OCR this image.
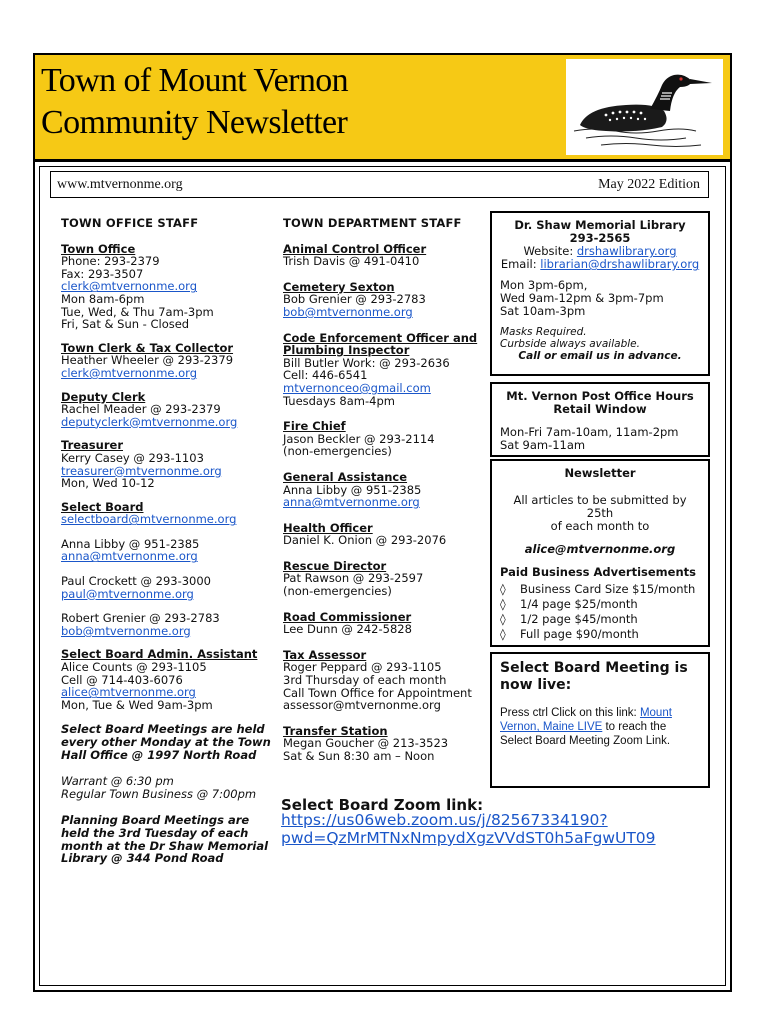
Town of Mount Vernon
Community Newsletter
www.mtvernonme.org	May 2022 Edition
TOWN OFFICE STAFF
Town Office
Phone: 293-2379
Fax: 293-3507
clerk@mtvernonme.org
Mon 8am-6pm
Tue, Wed, & Thu 7am-3pm
Fri, Sat & Sun - Closed
Town Clerk & Tax Collector
Heather Wheeler @ 293-2379
clerk@mtvernonme.org
Deputy Clerk
Rachel Meader @ 293-2379
deputyclerk@mtvernonme.org
Treasurer
Kerry Casey @ 293-1103
treasurer@mtvernonme.org
Mon, Wed 10-12
Select Board
selectboard@mtvernonme.org
Anna Libby @ 951-2385
anna@mtvernonme.org
Paul Crockett @ 293-3000
paul@mtvernonme.org
Robert Grenier @ 293-2783
bob@mtvernonme.org
Select Board Admin. Assistant
Alice Counts @ 293-1105
Cell @ 714-403-6076
alice@mtvernonme.org
Mon, Tue & Wed 9am-3pm
Select Board Meetings are held
every other Monday at the Town
Hall Office @ 1997 North Road
Warrant @ 6:30 pm
Regular Town Business @ 7:00pm
Planning Board Meetings are
held the 3rd Tuesday of each
month at the Dr Shaw Memorial
Library @ 344 Pond Road
TOWN DEPARTMENT STAFF
Animal Control Officer
Trish Davis @ 491-0410
Cemetery Sexton
Bob Grenier @ 293-2783
bob@mtvernonme.org
Code Enforcement Officer and
Plumbing Inspector
Bill Butler Work: @ 293-2636
Cell: 446-6541
mtvernonceo@gmail.com
Tuesdays 8am-4pm
Fire Chief
Jason Beckler @ 293-2114
(non-emergencies)
General Assistance
Anna Libby @ 951-2385
anna@mtvernonme.org
Health Officer
Daniel K. Onion @ 293-2076
Rescue Director
Pat Rawson @ 293-2597
(non-emergencies)
Road Commissioner
Lee Dunn @ 242-5828
Tax Assessor
Roger Peppard @ 293-1105
3rd Thursday of each month
Call Town Office for Appointment
assessor@mtvernonme.org
Transfer Station
Megan Goucher @ 213-3523
Sat & Sun 8:30 am – Noon
Dr. Shaw Memorial Library
293-2565
Website: drshawlibrary.org
Email: librarian@drshawlibrary.org
Mon 3pm-6pm,
Wed 9am-12pm & 3pm-7pm
Sat 10am-3pm
Masks Required.
Curbside always available.
Call or email us in advance.
Mt. Vernon Post Office Hours
Retail Window
Mon-Fri 7am-10am, 11am-2pm
Sat 9am-11am
Newsletter
All articles to be submitted by 25th
of each month to
alice@mtvernonme.org
Paid Business Advertisements
◊ Business Card Size $15/month
◊ 1/4 page $25/month
◊ 1/2 page $45/month
◊ Full page $90/month
Select Board Meeting is
now live:
Press ctrl Click on this link: Mount
Vernon, Maine LIVE to reach the
Select Board Meeting Zoom Link.
Select Board Zoom link:
https://us06web.zoom.us/j/82567334190?
pwd=QzMrMTNxNmpydXgzVVdST0h5aFgwUT09
